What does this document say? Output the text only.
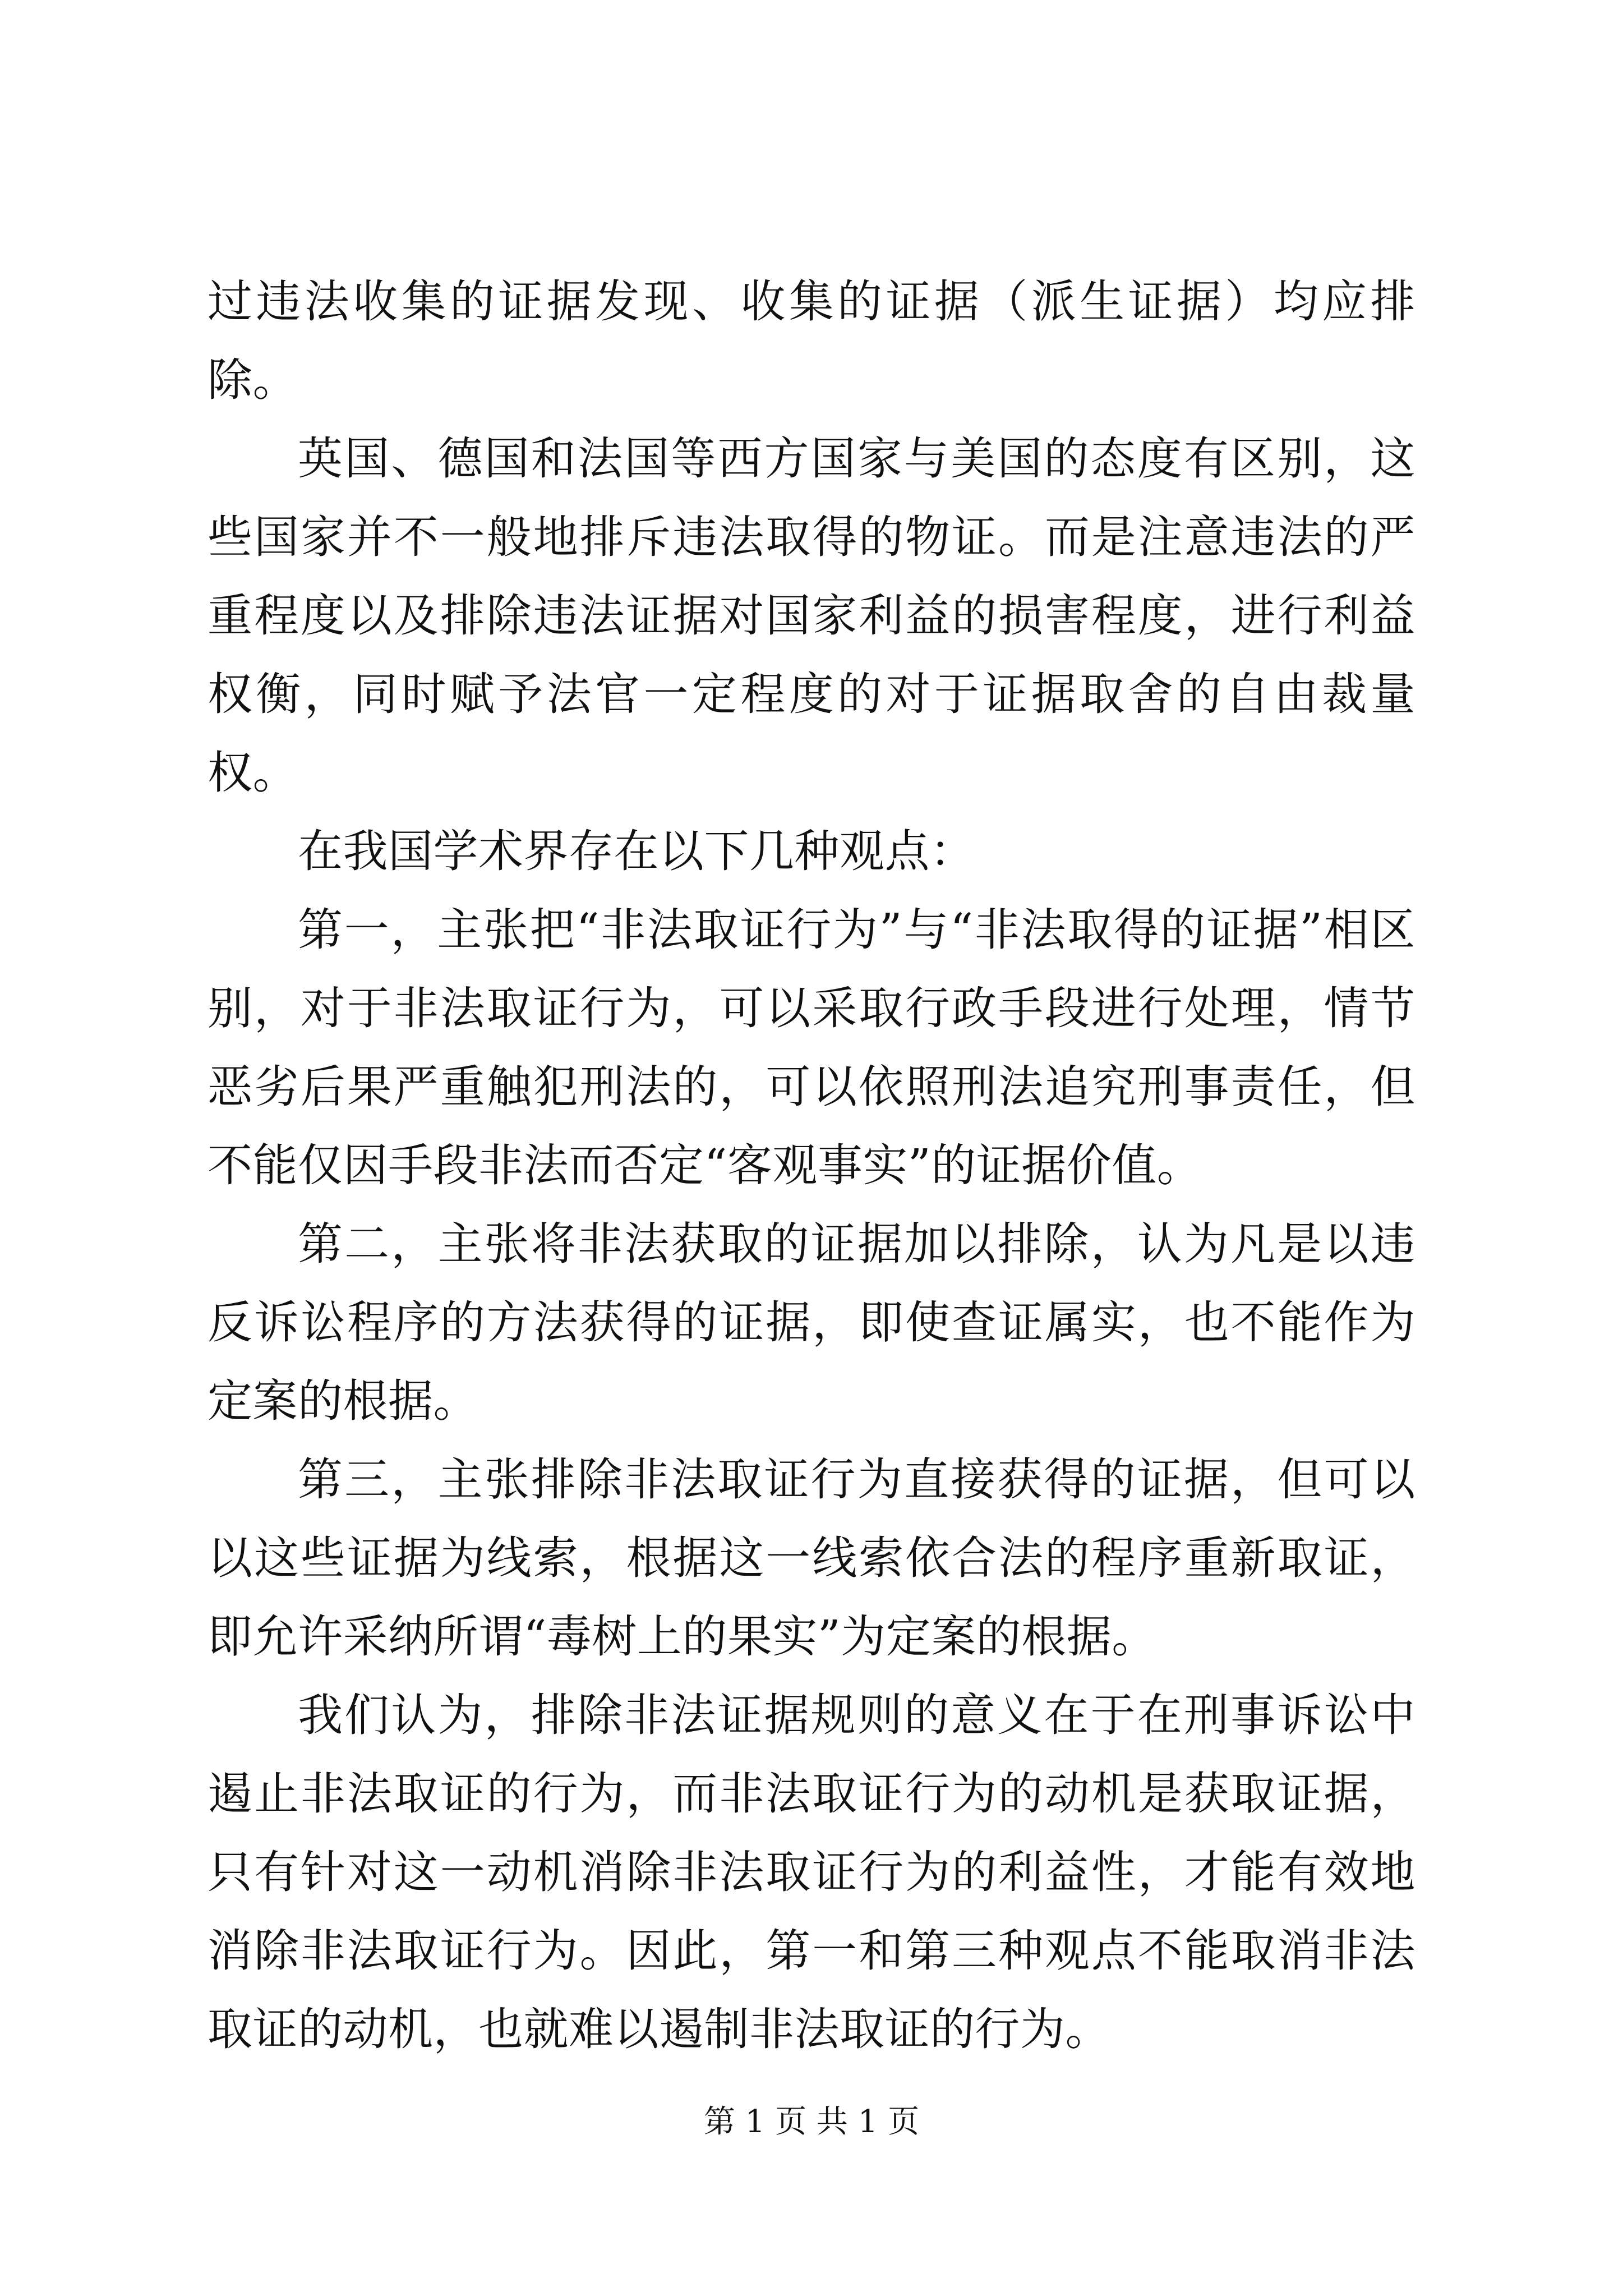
过违法收集的证据发现、收集的证据（派生证据）均应排除。

英国、德国和法国等西方国家与美国的态度有区别，这些国家并不一般地排斥违法取得的物证。而是注意违法的严重程度以及排除违法证据对国家利益的损害程度，进行利益权衡，同时赋予法官一定程度的对于证据取舍的自由裁量权。

在我国学术界存在以下几种观点：

第一，主张把“非法取证行为”与“非法取得的证据”相区别，对于非法取证行为，可以采取行政手段进行处理，情节恶劣后果严重触犯刑法的，可以依照刑法追究刑事责任，但不能仅因手段非法而否定“客观事实”的证据价值。

第二，主张将非法获取的证据加以排除，认为凡是以违反诉讼程序的方法获得的证据，即使查证属实，也不能作为定案的根据。

第三，主张排除非法取证行为直接获得的证据，但可以以这些证据为线索，根据这一线索依合法的程序重新取证，即允许采纳所谓“毒树上的果实”为定案的根据。

我们认为，排除非法证据规则的意义在于在刑事诉讼中遏止非法取证的行为，而非法取证行为的动机是获取证据，只有针对这一动机消除非法取证行为的利益性，才能有效地消除非法取证行为。因此，第一和第三种观点不能取消非法取证的动机，也就难以遏制非法取证的行为。

第 1 页 共 1 页
